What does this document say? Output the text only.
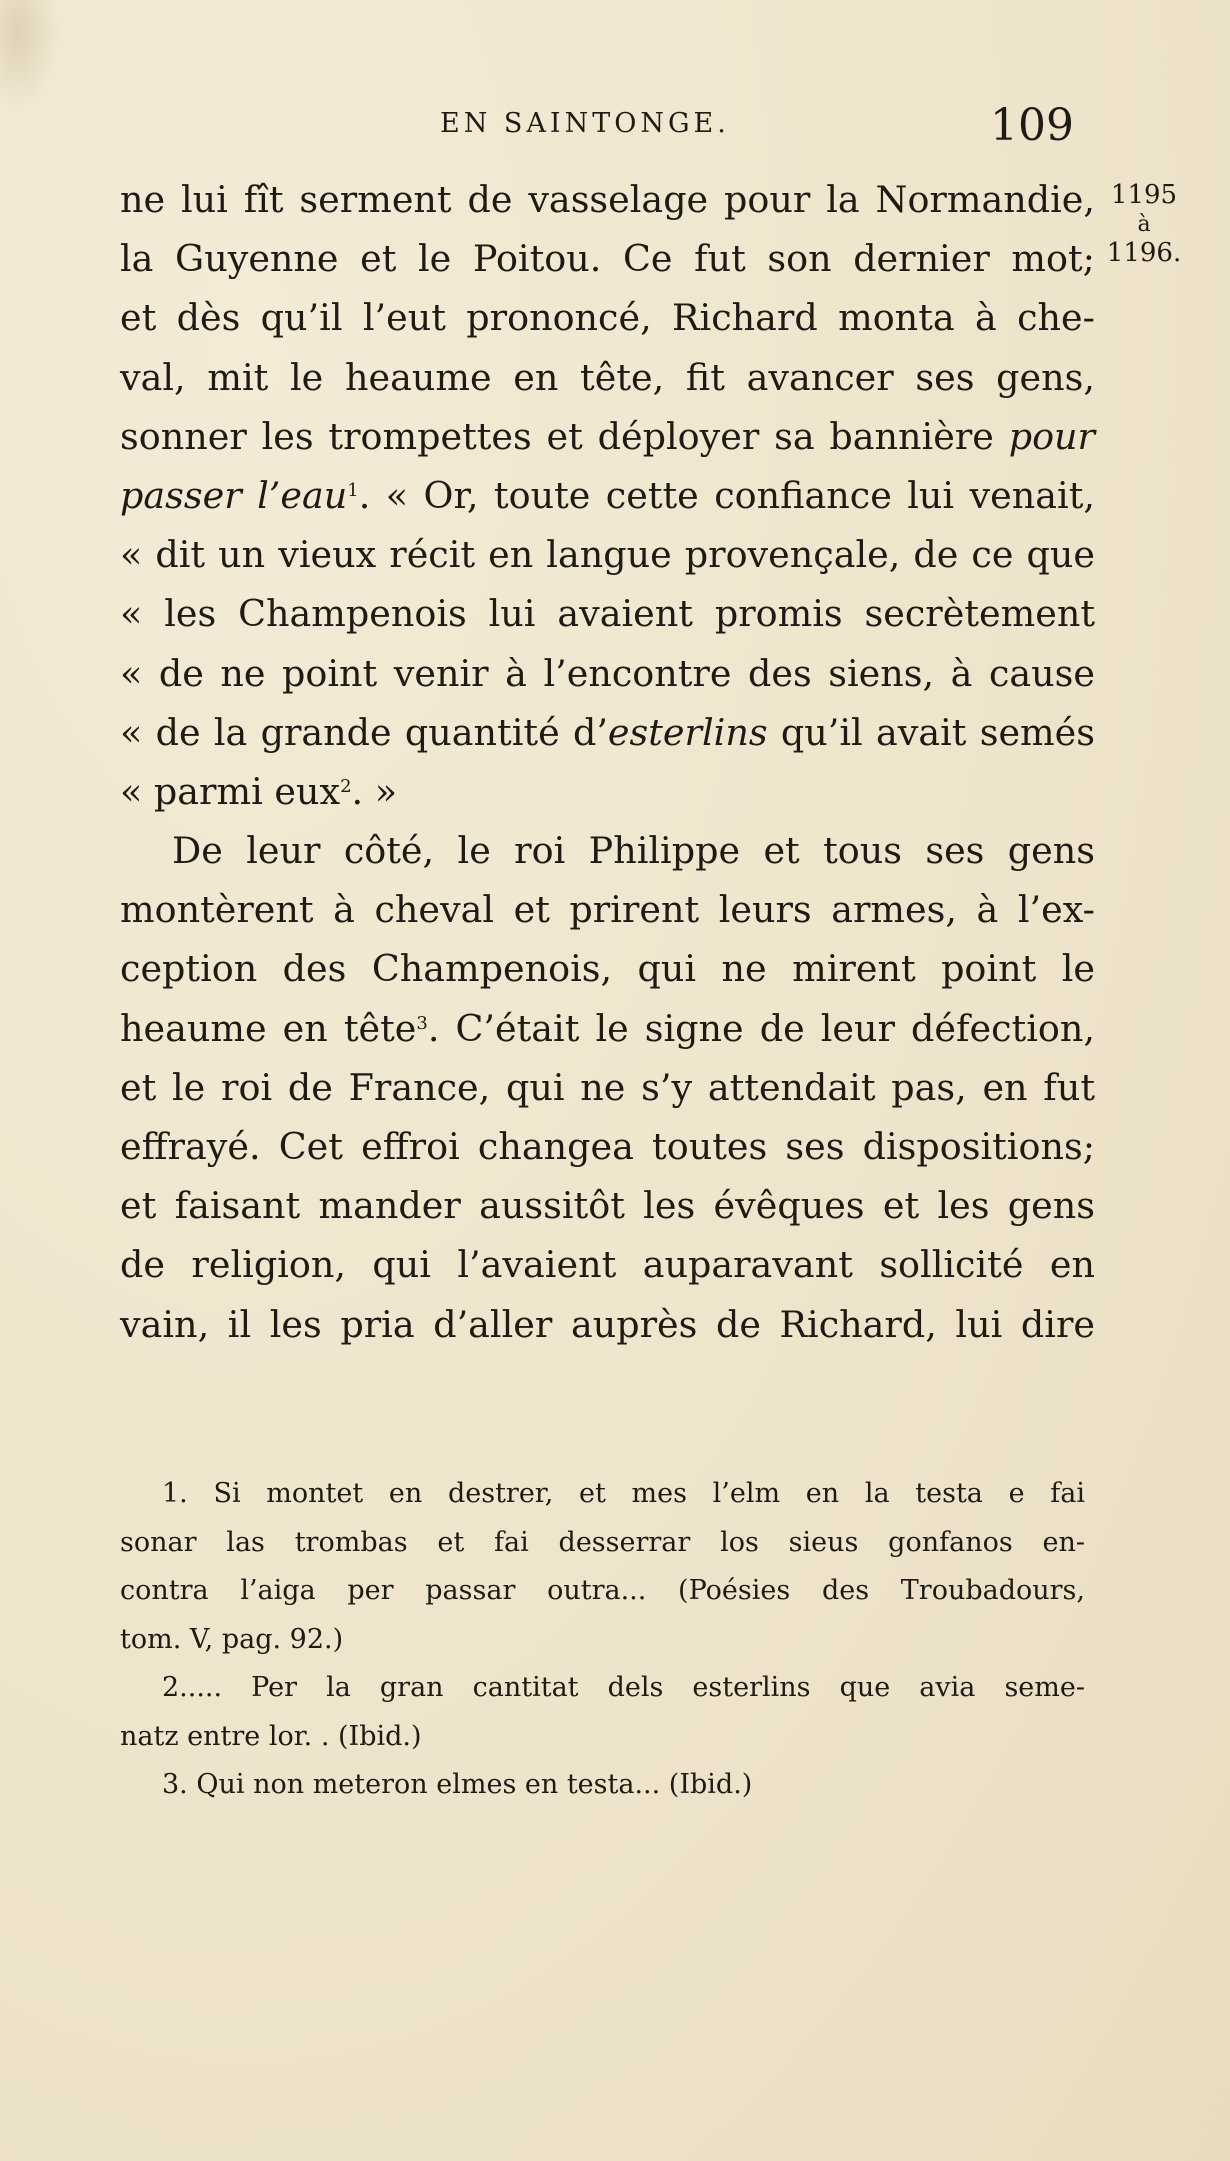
EN SAINTONGE.	109
1195
à
1196.
ne lui fît serment de vasselage pour la Normandie,
la Guyenne et le Poitou. Ce fut son dernier mot;
et dès qu’il l’eut prononcé, Richard monta à che-
val, mit le heaume en tête, fit avancer ses gens,
sonner les trompettes et déployer sa bannière pour
passer l’eau$^1$. « Or, toute cette confiance lui venait,
« dit un vieux récit en langue provençale, de ce que
« les Champenois lui avaient promis secrètement
« de ne point venir à l’encontre des siens, à cause
« de la grande quantité d’esterlins qu’il avait semés
« parmi eux$^2$. »
De leur côté, le roi Philippe et tous ses gens
montèrent à cheval et prirent leurs armes, à l’ex-
ception des Champenois, qui ne mirent point le
heaume en tête$^3$. C’était le signe de leur défection,
et le roi de France, qui ne s’y attendait pas, en fut
effrayé. Cet effroi changea toutes ses dispositions;
et faisant mander aussitôt les évêques et les gens
de religion, qui l’avaient auparavant sollicité en
vain, il les pria d’aller auprès de Richard, lui dire
1. Si montet en destrer, et mes l’elm en la testa e fai
sonar las trombas et fai desserrar los sieus gonfanos en-
contra l’aiga per passar outra... (Poésies des Troubadours,
tom. V, pag. 92.)
2..... Per la gran cantitat dels esterlins que avia seme-
natz entre lor. . (Ibid.)
3. Qui non meteron elmes en testa... (Ibid.)
